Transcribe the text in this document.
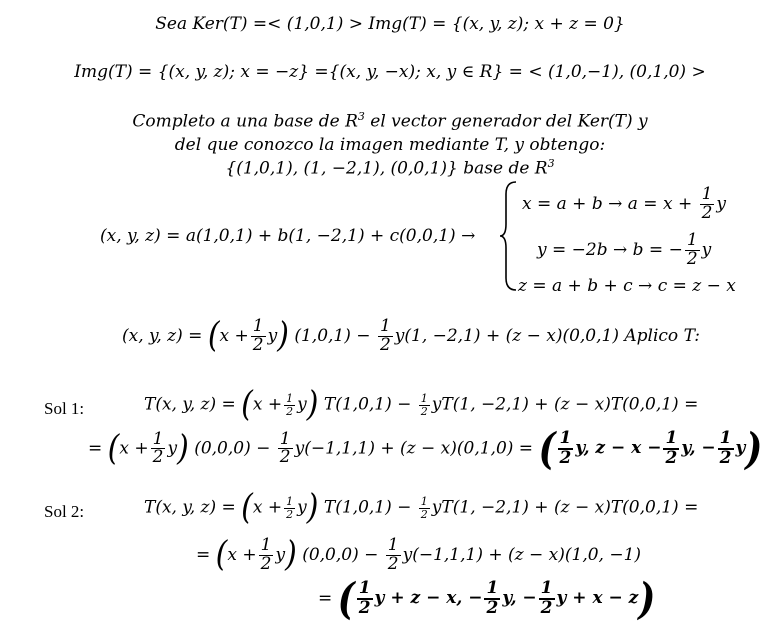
Sea Ker(T) =< (1,0,1) > Img(T) = {(x, y, z); x + z = 0}
Img(T) = {(x, y, z); x = −z} ={(x, y, −x); x, y ∈ R} = < (1,0,−1), (0,1,0) >
Completo a una base de $R^3$ el vector generador del Ker(T) y
del que conozco la imagen mediante T, y obtengo:
{(1,0,1), (1, −2,1), (0,0,1)} base de $R^3$
(x, y, z) = a(1,0,1) + b(1, −2,1) + c(0,0,1) →
$x = a + b \to a = x + \frac{1}{2}$ y
y = −2b → b = − $\frac{1}{2}$ y
z = a + b + c → c = z − x
(x, y, $z) = (x + \frac{1}{2} y)$ $(1,0,1) - \frac{1}{2} y(1$, −2,1) + (z − x)(0,0,1) Aplico T:
Sol 1:	T(x, y, $z) = (x + \frac{1}{2} y)$ $T(1,0,1) - \frac{1}{2} yT(1$, −2,1) + (z − x)T(0,0,1) =
= $(x + \frac{1}{2} y)$ $(0,0,0) - \frac{1}{2} y(-1,1,1) + (z - x)(0,1,0)$ = ( $\frac{1}{2} y$, $z - x - \frac{1}{2} y$, − $\frac{1}{2} y$)
Sol 2:	T(x, y, $z) = (x + \frac{1}{2} y)$ $T(1,0,1) - \frac{1}{2} yT(1$, −2,1) + (z − x)T(0,0,1) =
= $(x + \frac{1}{2} y)$ $(0,0,0) - \frac{1}{2} y(-1,1,1) + (z - x)(1,0$, −1)
= ( $\frac{1}{2}$ y + z − x, − $\frac{1}{2} y$, − $\frac{1}{2}$ y + x − z)
